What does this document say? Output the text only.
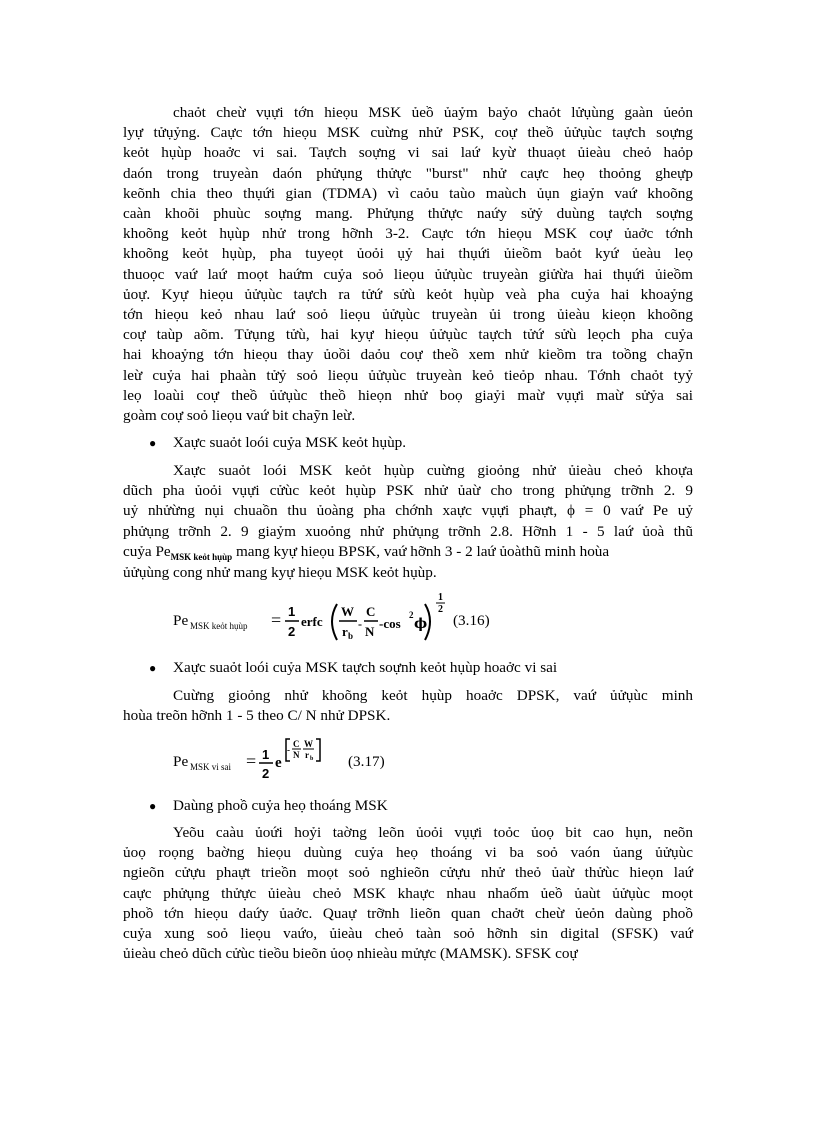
chaỏt cheừ vụựi tớn hieọu MSK ủeồ ủaỷm baỷo chaỏt lửụùng gaàn ủeỏn
lyự tửụỷng. Caực tớn hieọu MSK cuừng nhử PSK, coự theồ ủửụùc taựch soựng
keỏt hụùp hoaởc vi sai. Taựch soựng vi sai laứ kyừ thuaọt ủieàu cheỏ haỏp
daón trong truyeàn daón phửụng thửực "burst" nhử caực heọ thoỏng gheựp
keõnh chia theo thụứi gian (TDMA) vì caỏu taùo maùch ủụn giaỷn vaứ khoõng
caàn khoõi phuùc soựng mang. Phửụng thửực naứy sửỷ duùng taựch soựng
khoõng keỏt hụùp nhử trong hỡnh 3-2. Caực tớn hieọu MSK coự ủaởc tớnh
khoõng keỏt hụùp, pha tuyeọt ủoỏi ụỷ hai thụứi ủieồm baỏt kyứ ủeàu leọ
thuoọc vaứ laứ moọt haứm cuỷa soỏ lieọu ủửụùc truyeàn giửừa hai thụứi ủieồm
ủoự. Kyự hieọu ủửụùc taựch ra tửứ sửù keỏt hụùp veà pha cuỷa hai khoaỷng
tớn hieọu keỏ nhau laứ soỏ lieọu ủửụùc truyeàn ủi trong ủieàu kieọn khoõng
coự taùp aõm. Tửụng tửù, hai kyự hieọu ủửụùc taựch tửứ sửù leọch pha cuỷa
hai khoaỷng tớn hieọu thay ủoồi daỏu coự theồ xem nhử kieồm tra toồng chaỹn
leừ cuỷa hai phaàn tửỷ soỏ lieọu ủửụùc truyeàn keỏ tieỏp nhau. Tớnh chaỏt tyỷ
leọ loaùi coự theồ ủửụùc theồ hieọn nhử boọ giaỷi maừ vụựi maừ sửỷa sai
goàm coự soỏ lieọu vaứ bit chaỹn leừ.
● Xaực suaỏt loói cuỷa MSK keỏt hụùp.
Xaực suaỏt loói MSK keỏt hụùp cuừng gioỏng nhử ủieàu cheỏ khoựa
dũch pha ủoỏi vụựi cửùc keỏt hụùp PSK nhử ủaừ cho trong phửụng trỡnh 2. 9
uỷ nhửừng nụi chuaồn thu ủoàng pha chớnh xaực vụựi phaựt, ϕ = 0 vaứ Pe uỷ
phửụng trỡnh 2. 9 giaỷm xuoỏng nhử phửụng trỡnh 2.8. Hỡnh 1 - 5 laứ ủoà thũ
cuỷa $Pe_{MSK keỏt hụùp}$ mang kyự hieọu BPSK, vaứ hỡnh 3 - 2 laứ ủoàthũ minh hoùa
ủửụùng cong nhử mang kyự hieọu MSK keỏt hụùp.
Pe MSK keỏt hụùp = 1
2
erfc
W
r b
-
C
N
-cos
2
ϕ
1
2
(3.16)
● Xaực suaỏt loói cuỷa MSK taựch soựnh keỏt hụùp hoaởc vi sai
Cuừng gioỏng nhử khoõng keỏt hụùp hoaởc DPSK, vaứ ủửụùc minh
hoùa treõn hỡnh 1 - 5 theo C/ N nhử DPSK.
Pe MSK vi sai = 1
2
e
-
C
N
W
r b (3.17)
● Daùng phoồ cuỷa heọ thoáng MSK
Yeõu caàu ủoứi hoỷi taờng leõn ủoỏi vụựi toỏc ủoọ bit cao hụn, neõn
ủoọ roọng baờng hieọu duùng cuỷa heọ thoáng vi ba soỏ vaón ủang ủửụùc
ngieõn cửựu phaựt trieồn moọt soỏ nghieõn cửựu nhử theỏ ủaừ thửùc hieọn laứ
caực phửụng thửực ủieàu cheỏ MSK khaực nhau nhaốm ủeồ ủaùt ủửụùc moọt
phoồ tớn hieọu daứy ủaởc. Quaự trỡnh lieõn quan chaởt cheừ ủeỏn daùng phoồ
cuỷa xung soỏ lieọu vaứo, ủieàu cheỏ taàn soỏ hỡnh sin digital (SFSK) vaứ
ủieàu cheỏ dũch cửùc tieồu bieõn ủoọ nhieàu mửực (MAMSK). SFSK coự
